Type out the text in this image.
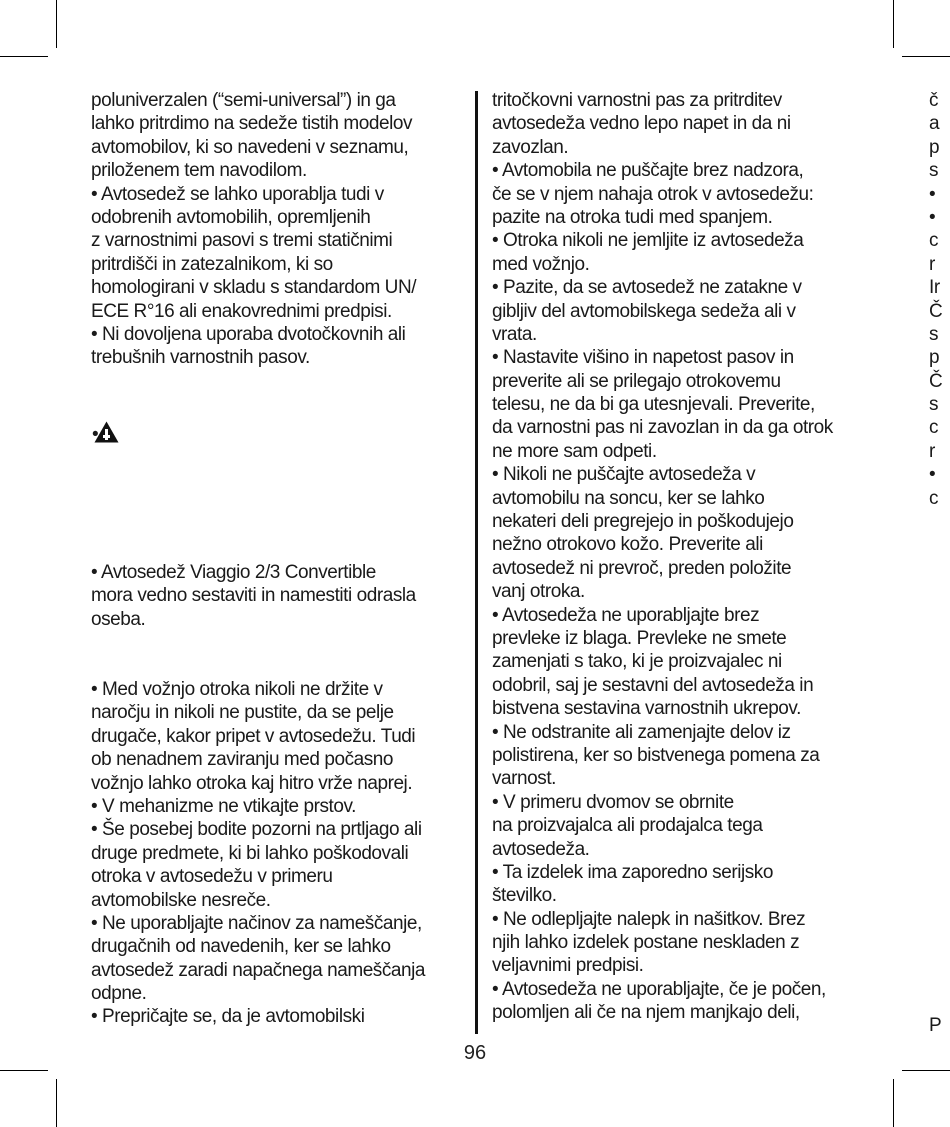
poluniverzalen (“semi-universal”) in ga
lahko pritrdimo na sedeže tistih modelov
avtomobilov, ki so navedeni v seznamu,
priloženem tem navodilom.
• Avtosedež se lahko uporablja tudi v
odobrenih avtomobilih, opremljenih
z varnostnimi pasovi s tremi statičnimi
pritrdišči in zatezalnikom, ki so
homologirani v skladu s standardom UN/
ECE R°16 ali enakovrednimi predpisi.
• Ni dovoljena uporaba dvotočkovnih ali
trebušnih varnostnih pasov.
•
• Avtosedež Viaggio 2/3 Convertible
mora vedno sestaviti in namestiti odrasla
oseba.
• Med vožnjo otroka nikoli ne držite v
naročju in nikoli ne pustite, da se pelje
drugače, kakor pripet v avtosedežu. Tudi
ob nenadnem zaviranju med počasno
vožnjo lahko otroka kaj hitro vrže naprej.
• V mehanizme ne vtikajte prstov.
• Še posebej bodite pozorni na prtljago ali
druge predmete, ki bi lahko poškodovali
otroka v avtosedežu v primeru
avtomobilske nesreče.
• Ne uporabljajte načinov za nameščanje,
drugačnih od navedenih, ker se lahko
avtosedež zaradi napačnega nameščanja
odpne.
• Prepričajte se, da je avtomobilski
tritočkovni varnostni pas za pritrditev
avtosedeža vedno lepo napet in da ni
zavozlan.
• Avtomobila ne puščajte brez nadzora,
če se v njem nahaja otrok v avtosedežu:
pazite na otroka tudi med spanjem.
• Otroka nikoli ne jemljite iz avtosedeža
med vožnjo.
• Pazite, da se avtosedež ne zatakne v
gibljiv del avtomobilskega sedeža ali v
vrata.
• Nastavite višino in napetost pasov in
preverite ali se prilegajo otrokovemu
telesu, ne da bi ga utesnjevali. Preverite,
da varnostni pas ni zavozlan in da ga otrok
ne more sam odpeti.
• Nikoli ne puščajte avtosedeža v
avtomobilu na soncu, ker se lahko
nekateri deli pregrejejo in poškodujejo
nežno otrokovo kožo. Preverite ali
avtosedež ni prevroč, preden položite
vanj otroka.
• Avtosedeža ne uporabljajte brez
prevleke iz blaga. Prevleke ne smete
zamenjati s tako, ki je proizvajalec ni
odobril, saj je sestavni del avtosedeža in
bistvena sestavina varnostnih ukrepov.
• Ne odstranite ali zamenjajte delov iz
polistirena, ker so bistvenega pomena za
varnost.
• V primeru dvomov se obrnite
na proizvajalca ali prodajalca tega
avtosedeža.
• Ta izdelek ima zaporedno serijsko
številko.
• Ne odlepljajte nalepk in našitkov. Brez
njih lahko izdelek postane neskladen z
veljavnimi predpisi.
• Avtosedeža ne uporabljajte, če je počen,
polomljen ali če na njem manjkajo deli,
č
a
p
s
•
•
c
r
Ir
Č
s
p
Č
s
c
r
•
c
P
96
